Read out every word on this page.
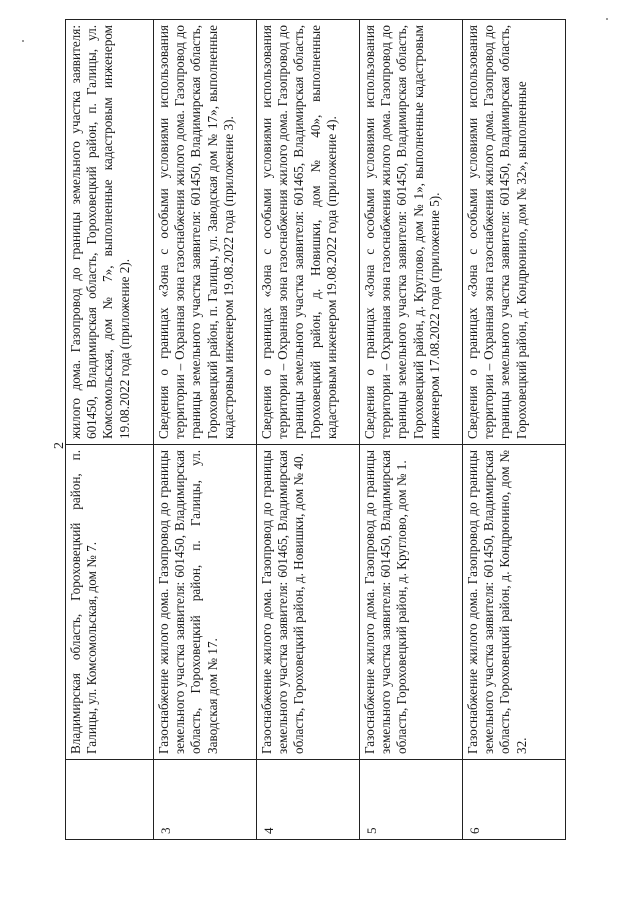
2
	Владимирская область, Гороховецкий район, п. Галицы, ул. Комсомольская, дом № 7.	жилого дома. Газопровод до границы земельного участка заявителя: 601450, Владимирская область, Гороховецкий район, п. Галицы, ул. Комсомольская, дом № 7», выполненные кадастровым инженером 19.08.2022 года (приложение 2).
3	Газоснабжение жилого дома. Газопровод до границы земельного участка заявителя: 601450, Владимирская область, Гороховецкий район, п. Галицы, ул. Заводская дом № 17.	Сведения о границах «Зона с особыми условиями использования территории – Охранная зона газоснабжения жилого дома. Газопровод до границы земельного участка заявителя: 601450, Владимирская область, Гороховецкий район, п. Галицы, ул. Заводская дом № 17», выполненные кадастровым инженером 19.08.2022 года (приложение 3).
4	Газоснабжение жилого дома. Газопровод до границы земельного участка заявителя: 601465, Владимирская область, Гороховецкий район, д. Новишки, дом № 40.	Сведения о границах «Зона с особыми условиями использования территории – Охранная зона газоснабжения жилого дома. Газопровод до границы земельного участка заявителя: 601465, Владимирская область, Гороховецкий район, д. Новишки, дом № 40», выполненные кадастровым инженером 19.08.2022 года (приложение 4).
5	Газоснабжение жилого дома. Газопровод до границы земельного участка заявителя: 601450, Владимирская область, Гороховецкий район, д. Круглово, дом № 1.	Сведения о границах «Зона с особыми условиями использования территории – Охранная зона газоснабжения жилого дома. Газопровод до границы земельного участка заявителя: 601450, Владимирская область, Гороховецкий район, д. Круглово, дом № 1», выполненные кадастровым инженером 17.08.2022 года (приложение 5).
6	Газоснабжение жилого дома. Газопровод до границы земельного участка заявителя: 601450, Владимирская область, Гороховецкий район, д. Кондрюнино, дом № 32.	Сведения о границах «Зона с особыми условиями использования территории – Охранная зона газоснабжения жилого дома. Газопровод до границы земельного участка заявителя: 601450, Владимирская область, Гороховецкий район, д. Кондрюнино, дом № 32», выполненные
